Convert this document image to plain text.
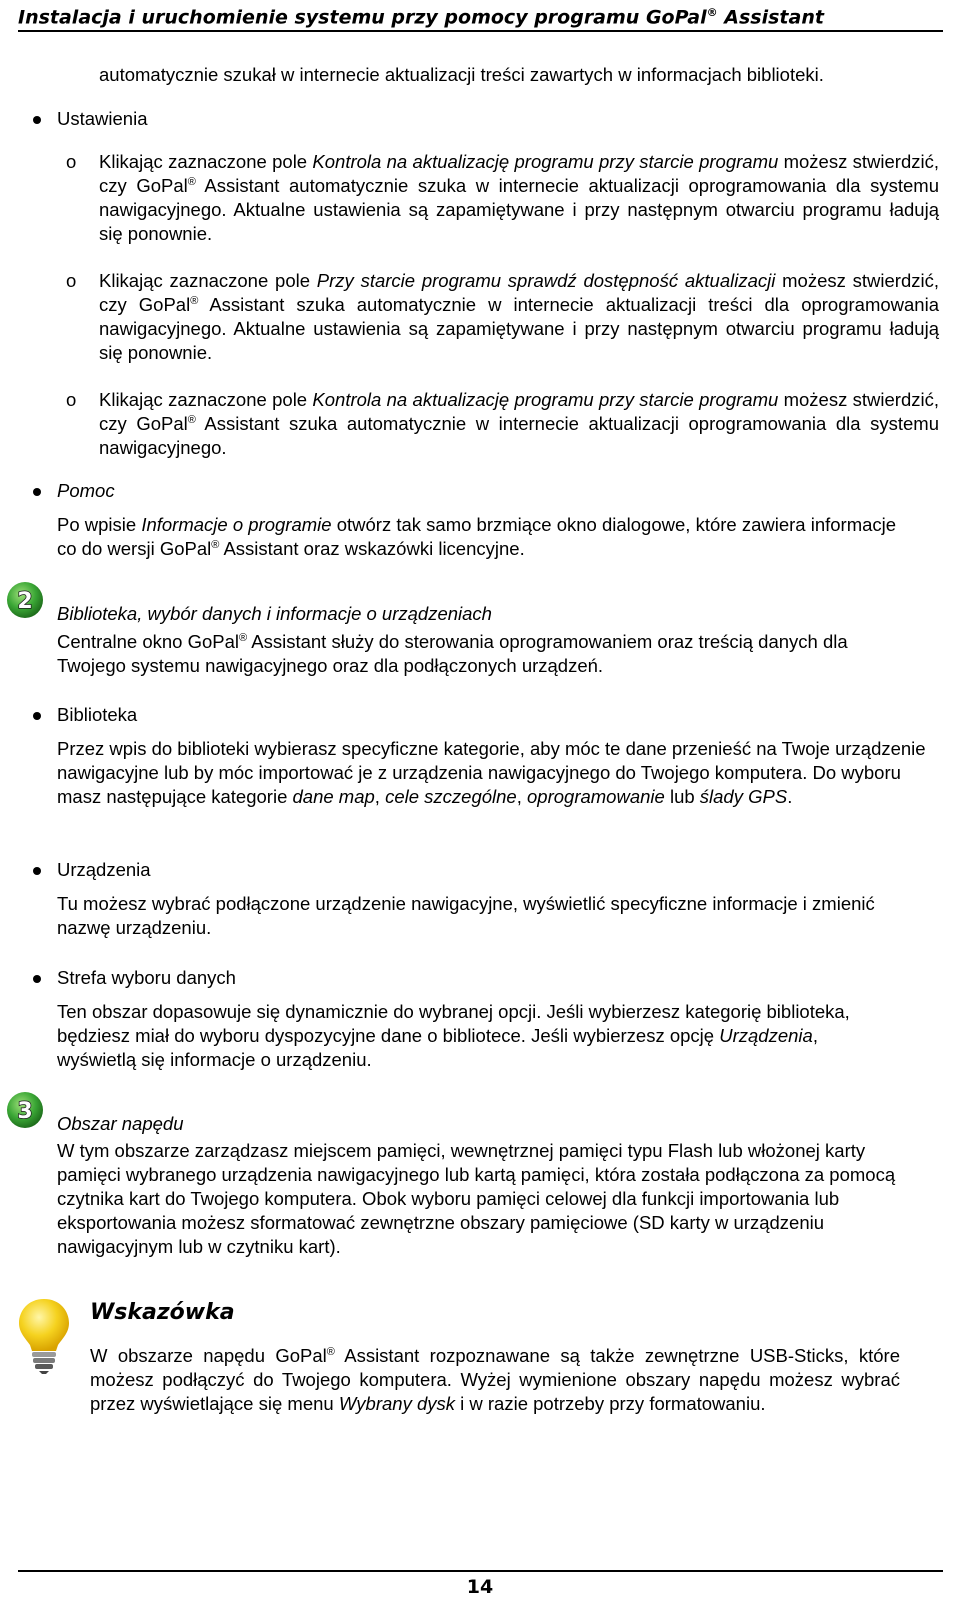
Instalacja i uruchomienie systemu przy pomocy programu GoPal® Assistant

automatycznie szukał w internecie aktualizacji treści zawartych w informacjach biblioteki.

Ustawienia

o Klikając zaznaczone pole Kontrola na aktualizację programu przy starcie programu możesz stwierdzić, czy GoPal® Assistant automatycznie szuka w internecie aktualizacji oprogramowania dla systemu nawigacyjnego. Aktualne ustawienia są zapamiętywane i przy następnym otwarciu programu ładują się ponownie.

o Klikając zaznaczone pole Przy starcie programu sprawdź dostępność aktualizacji możesz stwierdzić, czy GoPal® Assistant szuka automatycznie w internecie aktualizacji treści dla oprogramowania nawigacyjnego. Aktualne ustawienia są zapamiętywane i przy następnym otwarciu programu ładują się ponownie.

o Klikając zaznaczone pole Kontrola na aktualizację programu przy starcie programu możesz stwierdzić, czy GoPal® Assistant szuka automatycznie w internecie aktualizacji oprogramowania dla systemu nawigacyjnego.

Pomoc

Po wpisie Informacje o programie otwórz tak samo brzmiące okno dialogowe, które zawiera informacje co do wersji GoPal® Assistant oraz wskazówki licencyjne.

2 Biblioteka, wybór danych i informacje o urządzeniach

Centralne okno GoPal® Assistant służy do sterowania oprogramowaniem oraz treścią danych dla Twojego systemu nawigacyjnego oraz dla podłączonych urządzeń.

Biblioteka

Przez wpis do biblioteki wybierasz specyficzne kategorie, aby móc te dane przenieść na Twoje urządzenie nawigacyjne lub by móc importować je z urządzenia nawigacyjnego do Twojego komputera. Do wyboru masz następujące kategorie dane map, cele szczególne, oprogramowanie lub ślady GPS.

Urządzenia

Tu możesz wybrać podłączone urządzenie nawigacyjne, wyświetlić specyficzne informacje i zmienić nazwę urządzeniu.

Strefa wyboru danych

Ten obszar dopasowuje się dynamicznie do wybranej opcji. Jeśli wybierzesz kategorię biblioteka, będziesz miał do wyboru dyspozycyjne dane o bibliotece. Jeśli wybierzesz opcję Urządzenia, wyświetlą się informacje o urządzeniu.

3 Obszar napędu

W tym obszarze zarządzasz miejscem pamięci, wewnętrznej pamięci typu Flash lub włożonej karty pamięci wybranego urządzenia nawigacyjnego lub kartą pamięci, która została podłączona za pomocą czytnika kart do Twojego komputera. Obok wyboru pamięci celowej dla funkcji importowania lub eksportowania możesz sformatować zewnętrzne obszary pamięciowe (SD karty w urządzeniu nawigacyjnym lub w czytniku kart).

Wskazówka

W obszarze napędu GoPal® Assistant rozpoznawane są także zewnętrzne USB-Sticks, które możesz podłączyć do Twojego komputera. Wyżej wymienione obszary napędu możesz wybrać przez wyświetlające się menu Wybrany dysk i w razie potrzeby przy formatowaniu.

14
